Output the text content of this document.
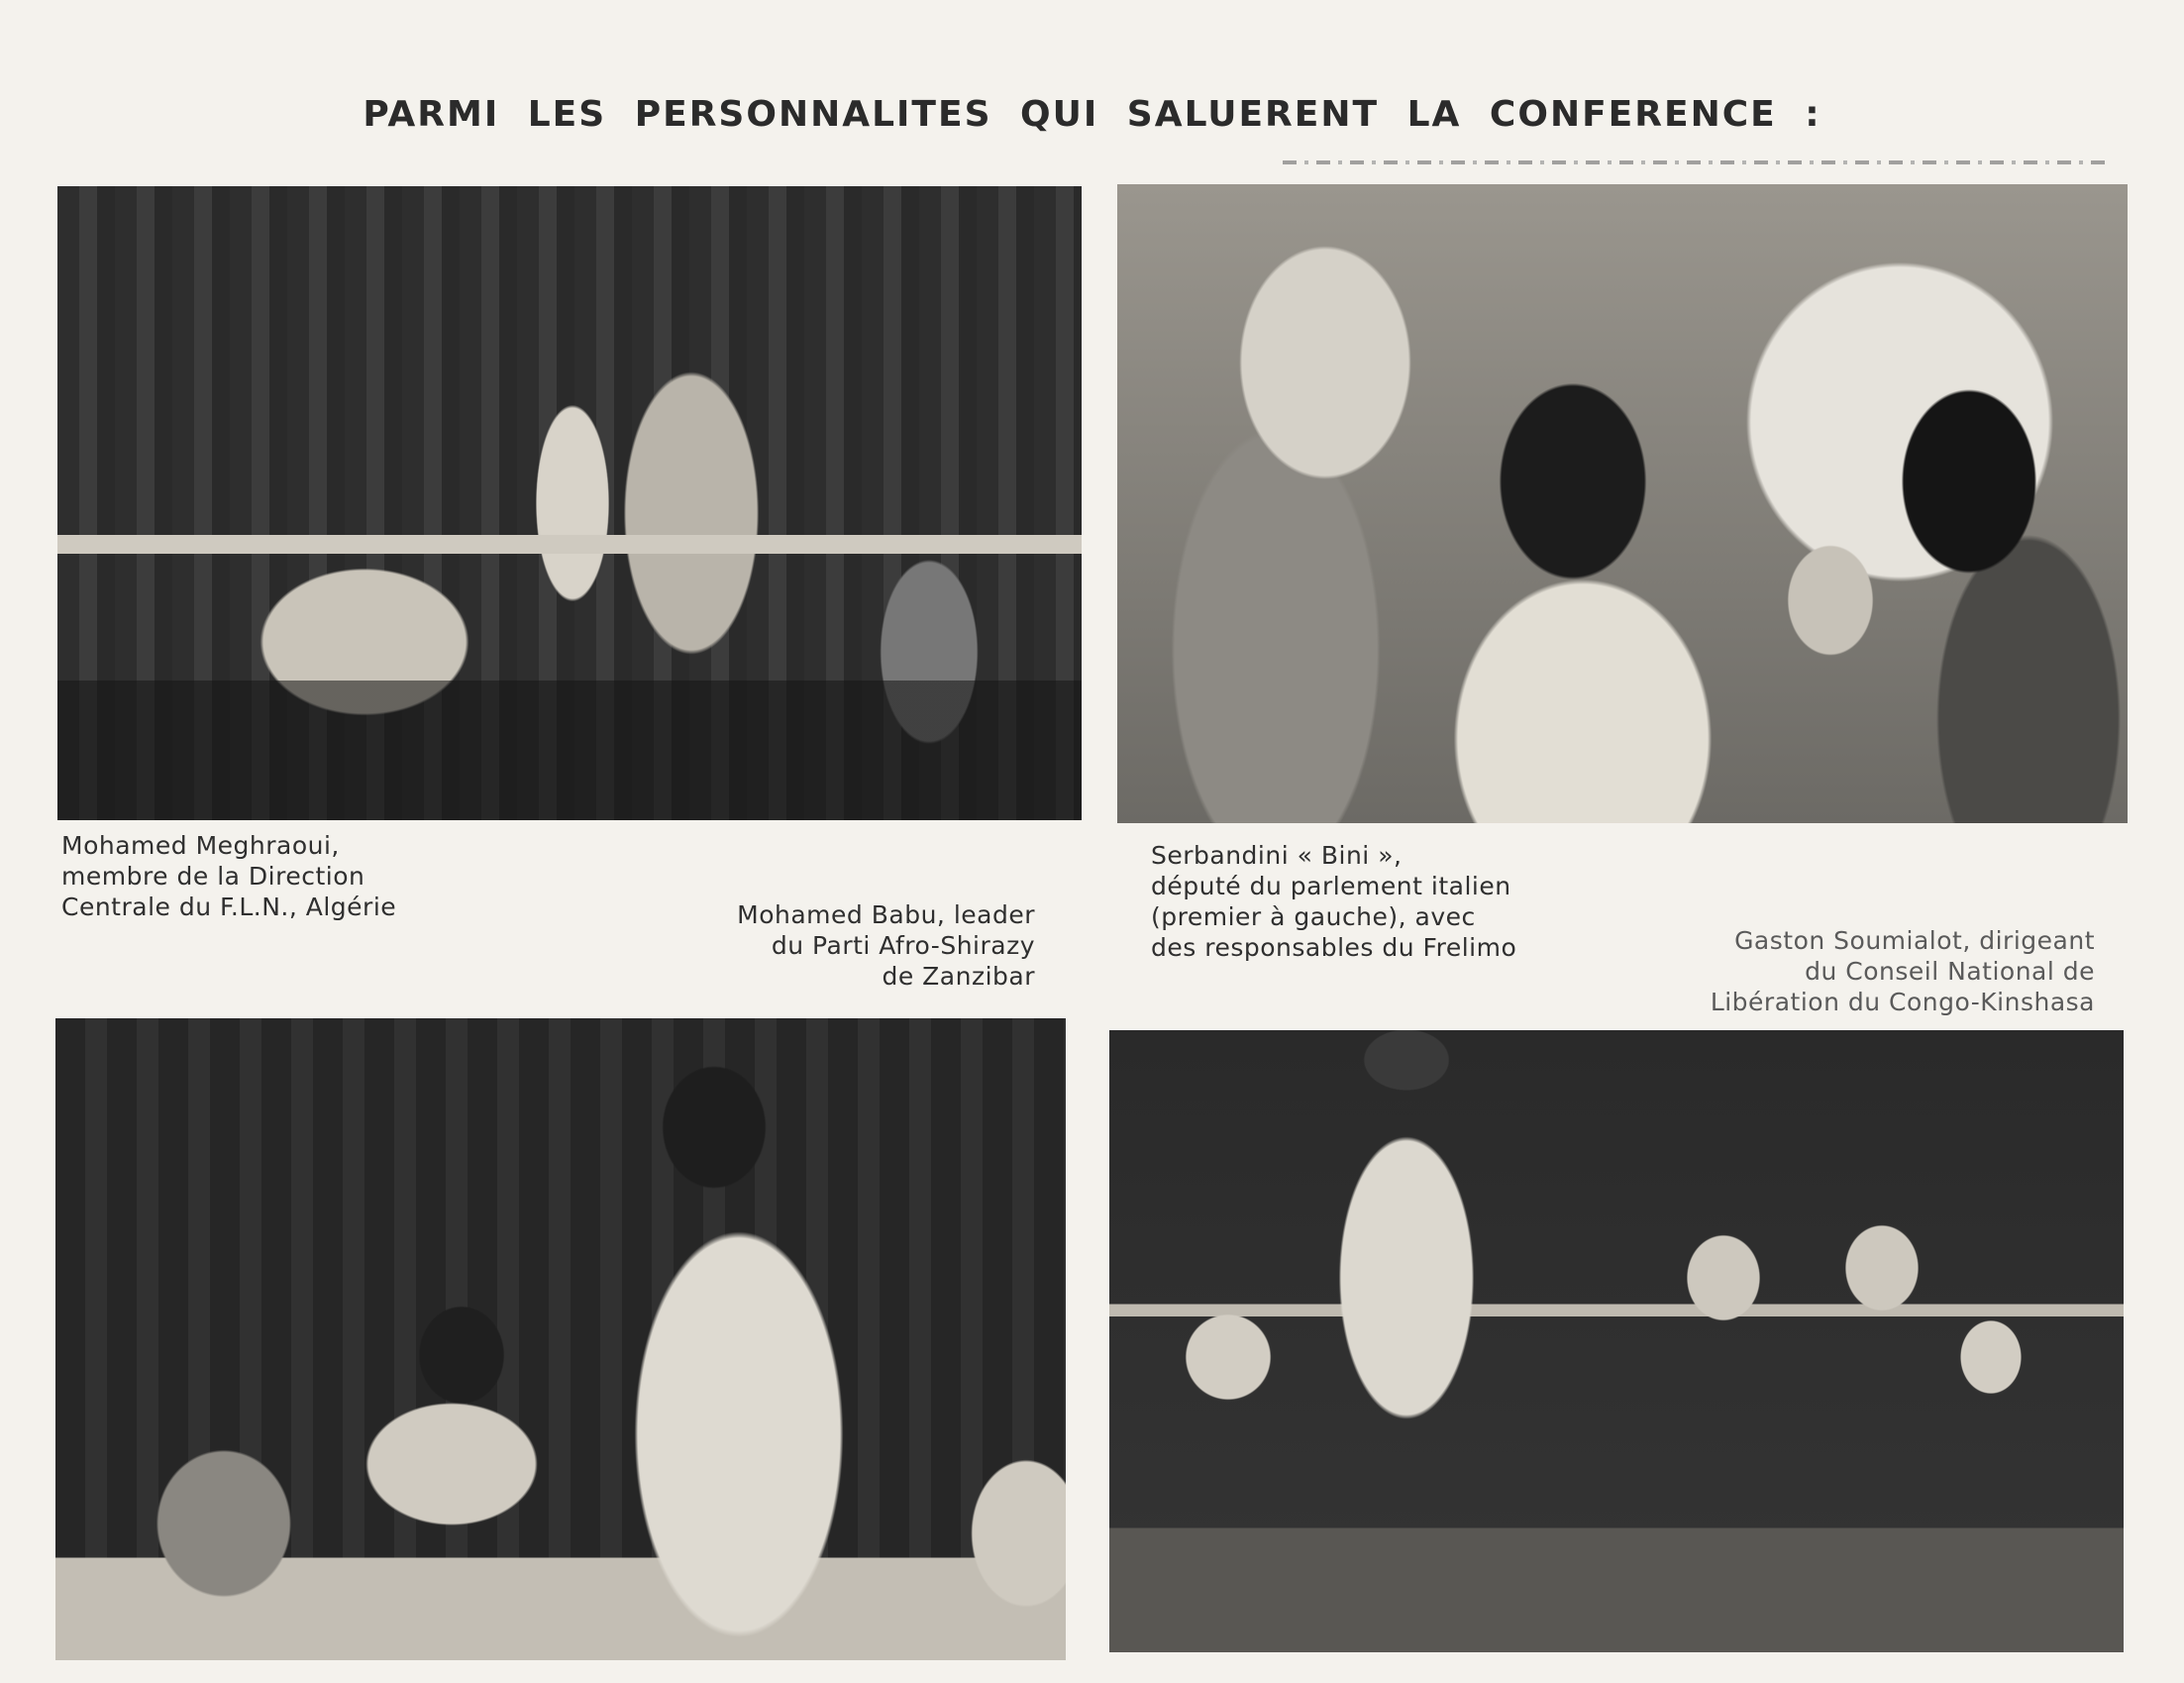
PARMI LES PERSONNALITES QUI SALUERENT LA CONFERENCE :
Mohamed Meghraoui,
membre de la Direction
Centrale du F.L.N., Algérie	Mohamed Babu, leader
du Parti Afro-Shirazy
de Zanzibar
Serbandini « Bini »,
député du parlement italien
(premier à gauche), avec
des responsables du Frelimo	Gaston Soumialot, dirigeant
du Conseil National de
Libération du Congo-Kinshasa
